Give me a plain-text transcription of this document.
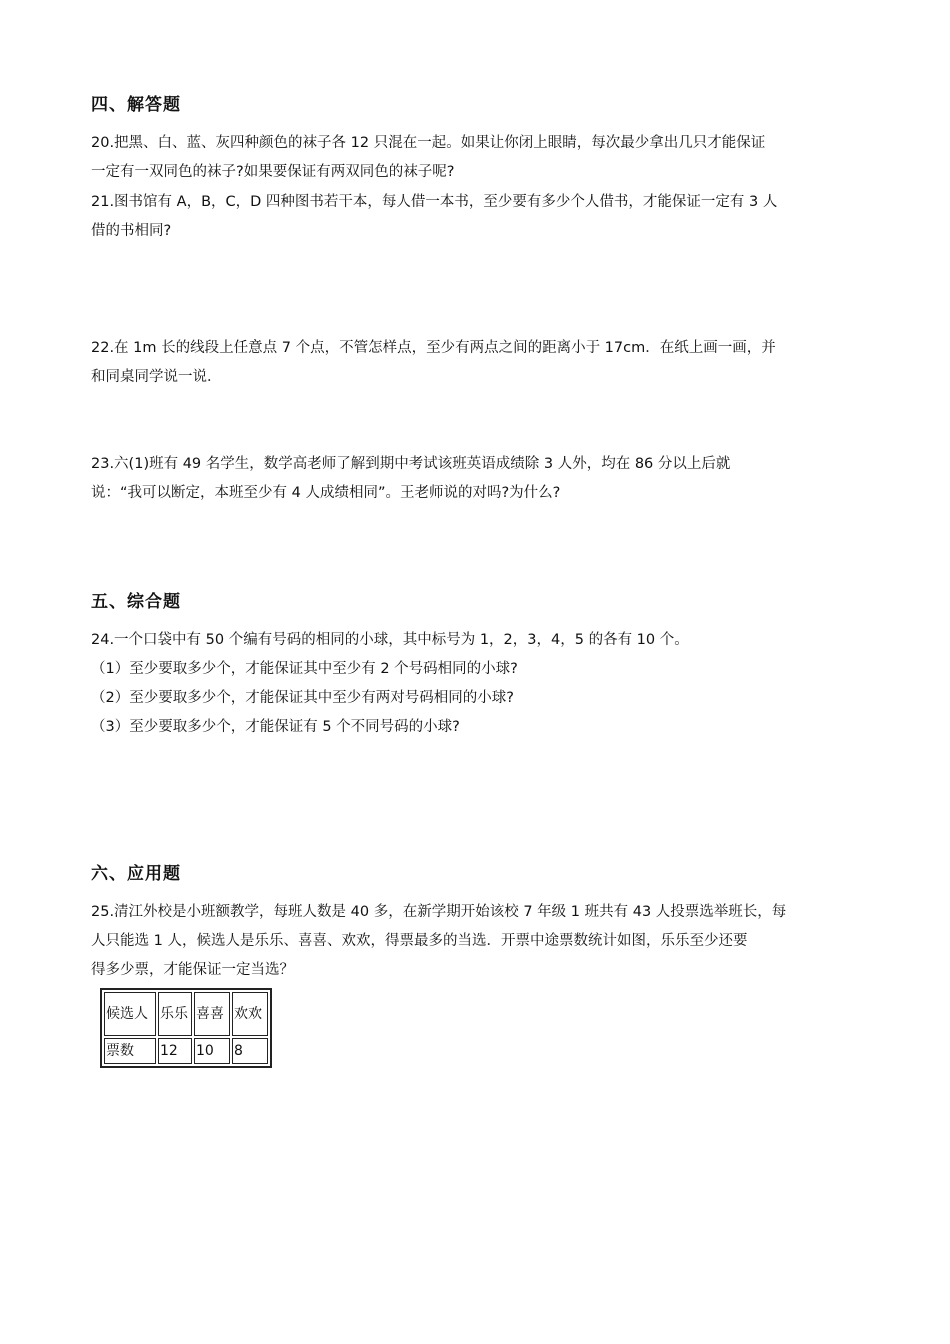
四、解答题
20.把黑、白、蓝、灰四种颜色的袜子各 12 只混在一起。如果让你闭上眼睛，每次最少拿出几只才能保证
一定有一双同色的袜子?如果要保证有两双同色的袜子呢?
21.图书馆有 A，B，C，D 四种图书若干本，每人借一本书，至少要有多少个人借书，才能保证一定有 3 人
借的书相同?
22.在 1m 长的线段上任意点 7 个点，不管怎样点，至少有两点之间的距离小于 17cm．在纸上画一画，并
和同桌同学说一说．
23.六(1)班有 49 名学生，数学高老师了解到期中考试该班英语成绩除 3 人外，均在 86 分以上后就
说：“我可以断定，本班至少有 4 人成绩相同”。王老师说的对吗?为什么?
五、综合题
24.一个口袋中有 50 个编有号码的相同的小球，其中标号为 1，2，3，4，5 的各有 10 个。
（1）至少要取多少个，才能保证其中至少有 2 个号码相同的小球?
（2）至少要取多少个，才能保证其中至少有两对号码相同的小球?
（3）至少要取多少个，才能保证有 5 个不同号码的小球?
六、应用题
25.清江外校是小班额教学，每班人数是 40 多，在新学期开始该校 7 年级 1 班共有 43 人投票选举班长，每
人只能选 1 人，候选人是乐乐、喜喜、欢欢，得票最多的当选．开票中途票数统计如图，乐乐至少还要
得多少票，才能保证一定当选？
候选人	乐乐	喜喜	欢欢
票数	12	10	8
